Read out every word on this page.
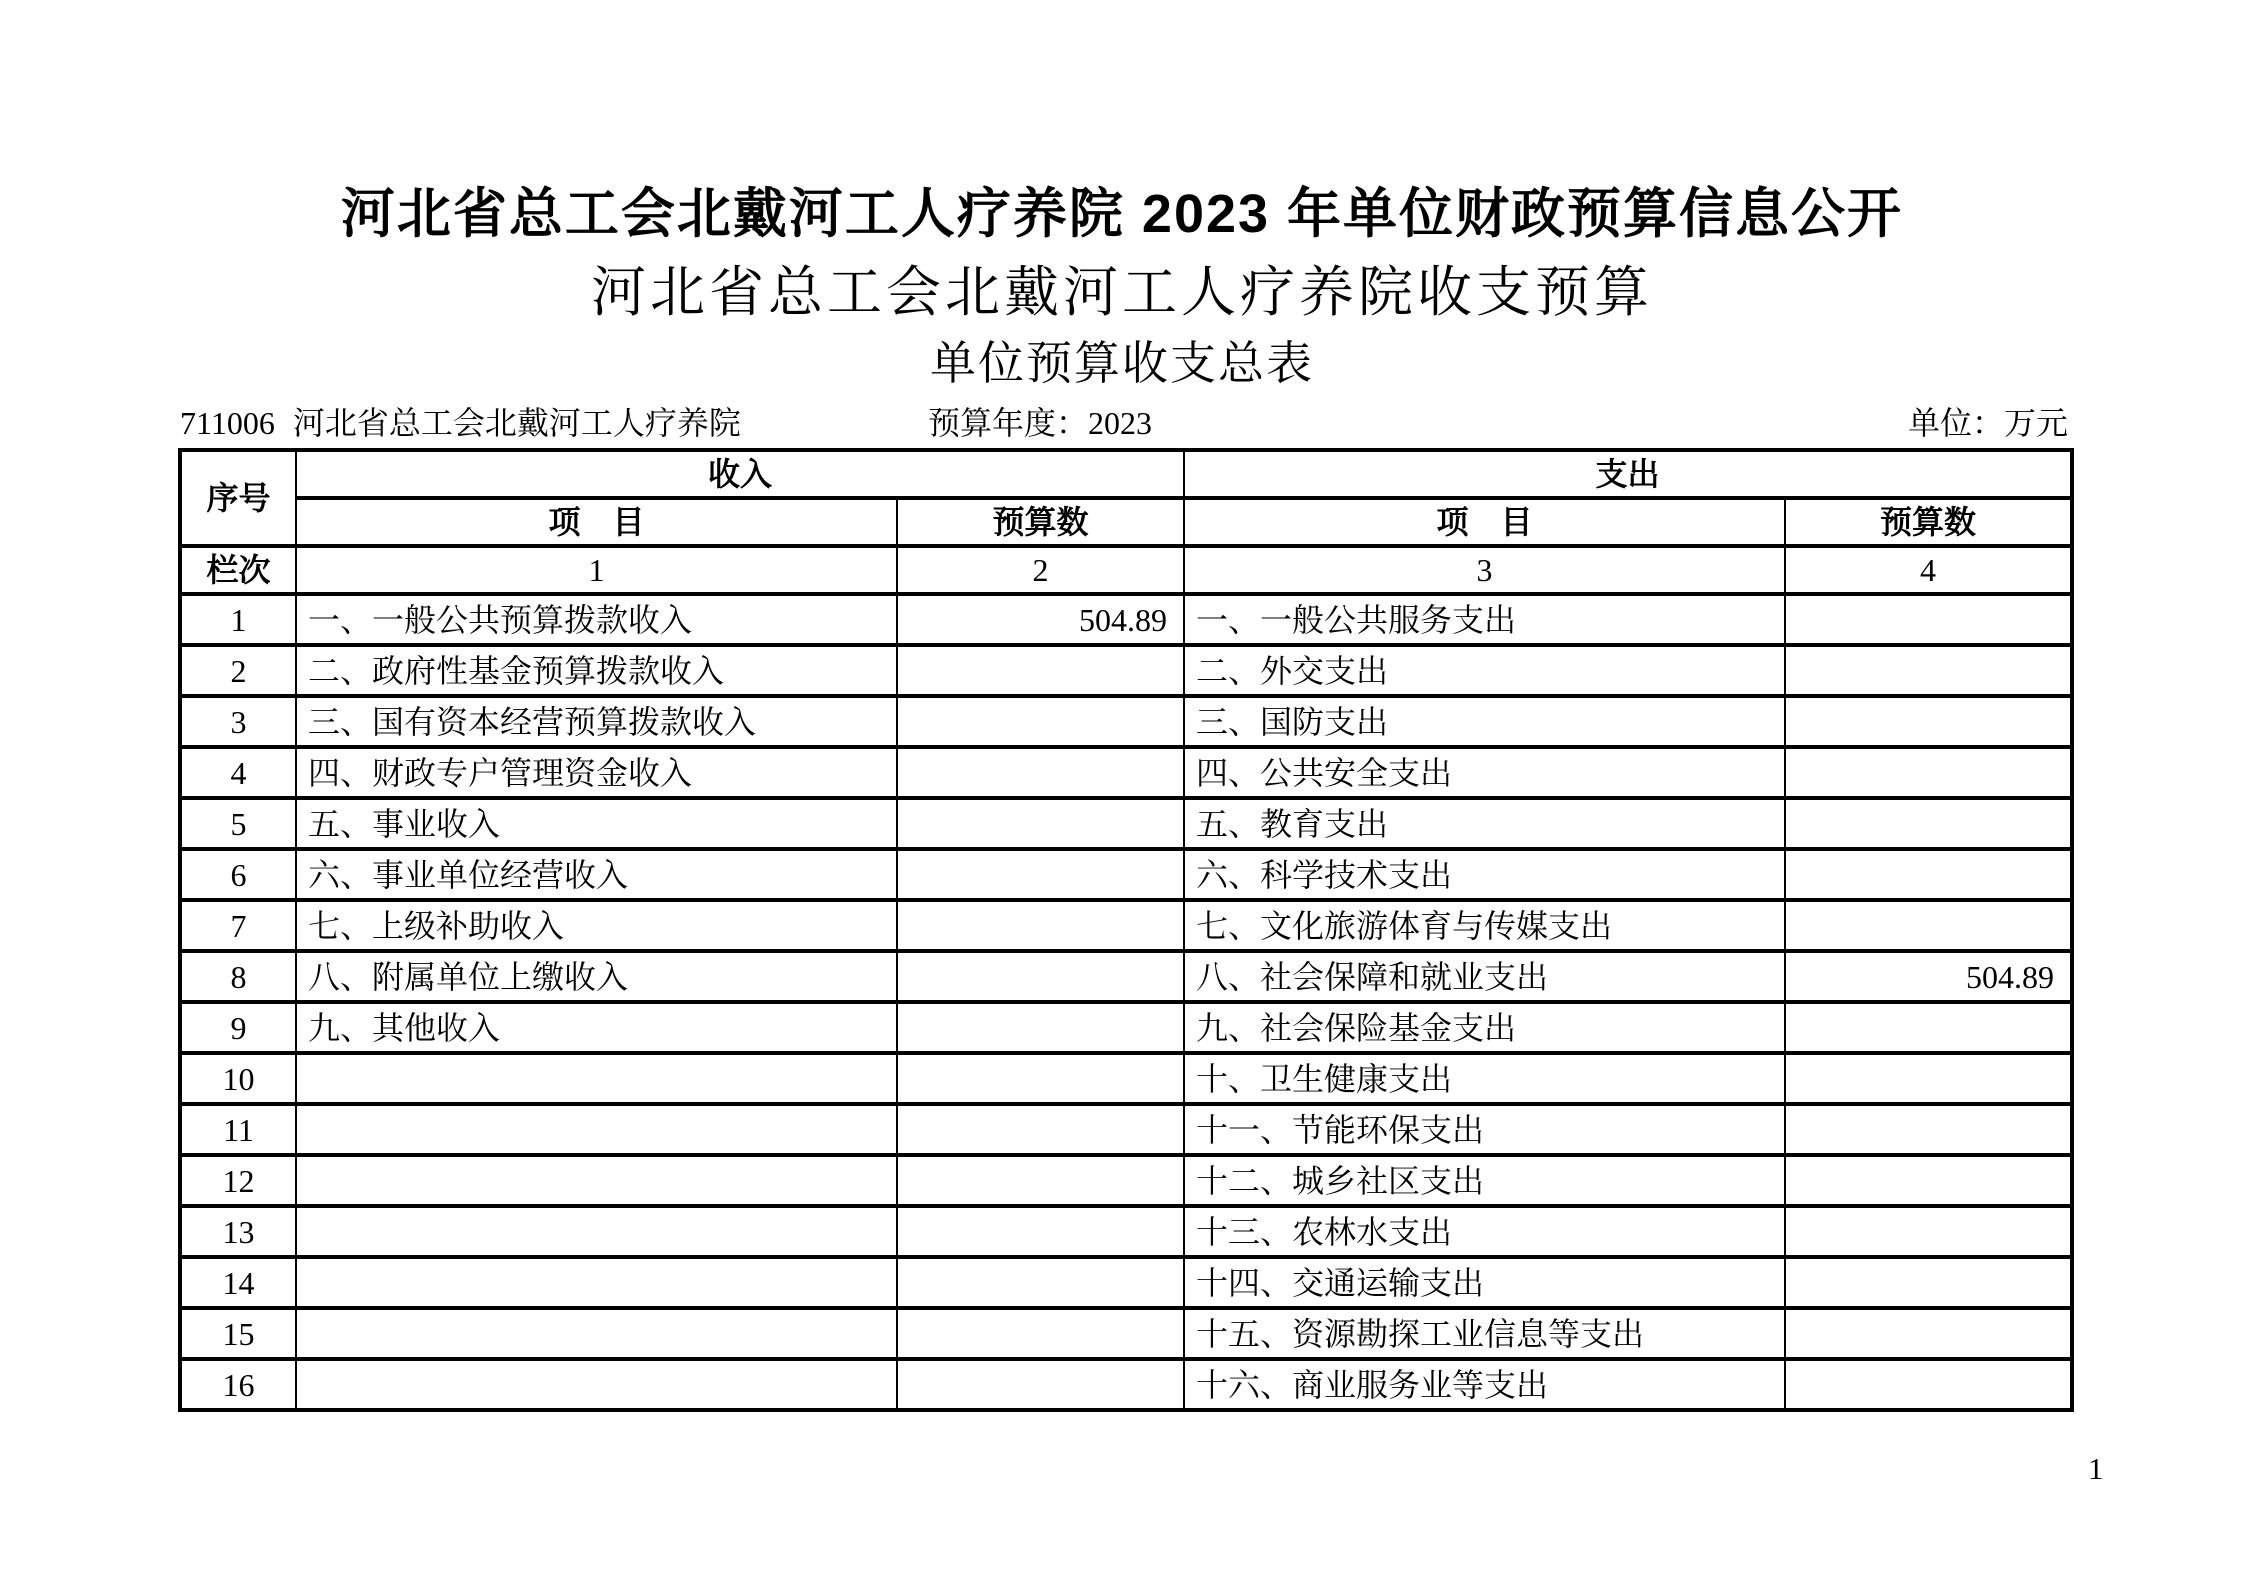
河北省总工会北戴河工人疗养院 2023 年单位财政预算信息公开
河北省总工会北戴河工人疗养院收支预算
单位预算收支总表
711006 河北省总工会北戴河工人疗养院	预算年度：2023	单位：万元
序号	收入		支出	
	项　目	预算数	项　目	预算数
栏次	1	2	3	4
1	一、一般公共预算拨款收入	504.89	一、一般公共服务支出	
2	二、政府性基金预算拨款收入		二、外交支出	
3	三、国有资本经营预算拨款收入		三、国防支出	
4	四、财政专户管理资金收入		四、公共安全支出	
5	五、事业收入		五、教育支出	
6	六、事业单位经营收入		六、科学技术支出	
7	七、上级补助收入		七、文化旅游体育与传媒支出	
8	八、附属单位上缴收入		八、社会保障和就业支出	504.89
9	九、其他收入		九、社会保险基金支出	
10			十、卫生健康支出	
11			十一、节能环保支出	
12			十二、城乡社区支出	
13			十三、农林水支出	
14			十四、交通运输支出	
15			十五、资源勘探工业信息等支出	
16			十六、商业服务业等支出	
1
